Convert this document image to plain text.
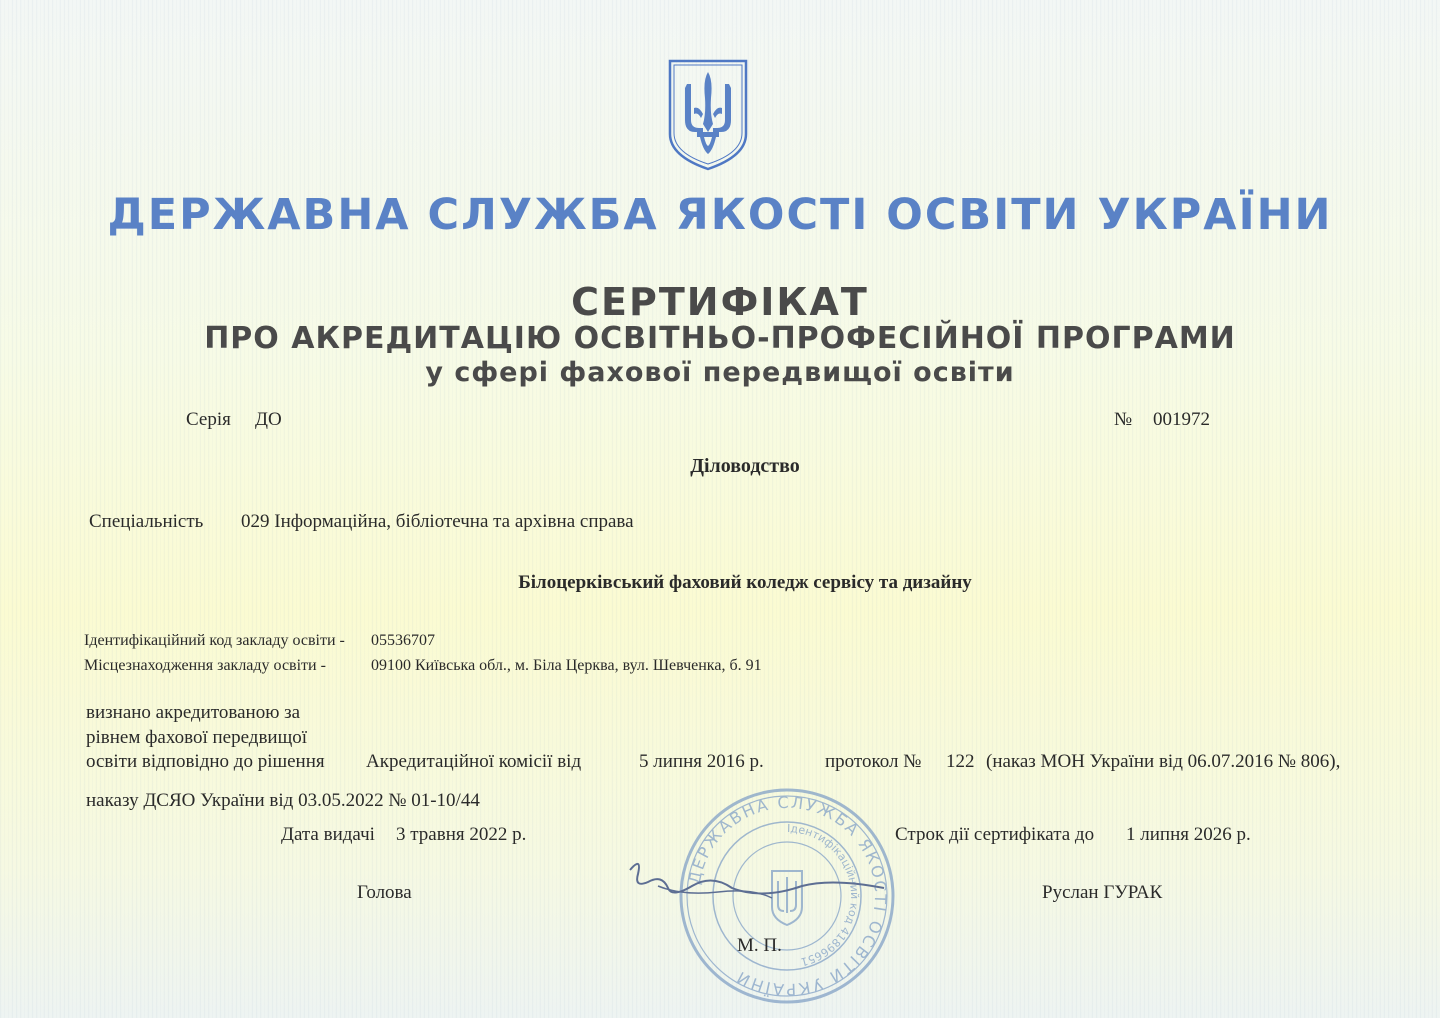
ДЕРЖАВНА СЛУЖБА ЯКОСТІ ОСВІТИ УКРАЇНИ
СЕРТИФІКАТ
ПРО АКРЕДИТАЦІЮ ОСВІТНЬО-ПРОФЕСІЙНОЇ ПРОГРАМИ
у сфері фахової передвищої освіти
Серія ДО	№ 001972
Діловодство
Спеціальність 029 Інформаційна, бібліотечна та архівна справа
Білоцерківський фаховий коледж сервісу та дизайну
Ідентифікаційний код закладу освіти - 05536707
Місцезнаходження закладу освіти -	09100 Київська обл., м. Біла Церква, вул. Шевченка, б. 91
визнано акредитованою за
рівнем фахової передвищої
освіти відповідно до рішення Акредитаційної комісії від	5 липня 2016 р.	протокол № 122 (наказ МОН України від 06.07.2016 № 806),
наказу ДСЯО України від 03.05.2022 № 01-10/44
Дата видачі 3 травня 2022 р.	Строк дії сертифіката до 1 липня 2026 р.
ДЕРЖАВНА СЛУЖБА ЯКОСТІ ОСВІТИ УКРАЇНИ
Ідентифікаційний код 41896651
Голова	Руслан ГУРАК
М. П.
